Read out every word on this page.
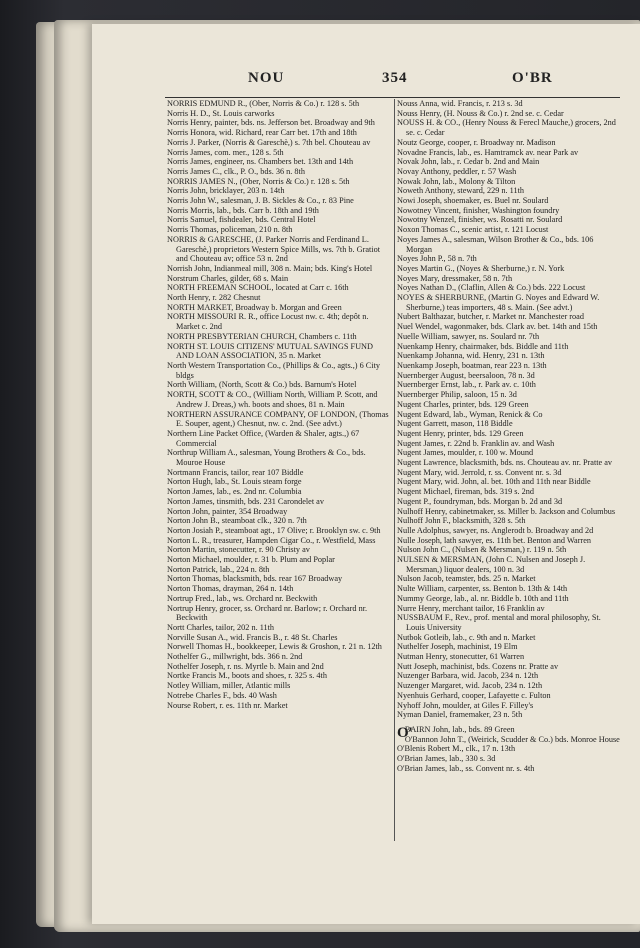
NOU	354	O'BR
NORRIS EDMUND R., (Ober, Norris & Co.) r. 128 s. 5th
Norris H. D., St. Louis carworks
Norris Henry, painter, bds. ns. Jefferson bet. Broadway and 9th
Norris Honora, wid. Richard, rear Carr bet. 17th and 18th
Norris J. Parker, (Norris & Gareschè,) s. 7th bel. Chouteau av
Norris James, com. mer., 128 s. 5th
Norris James, engineer, ns. Chambers bet. 13th and 14th
Norris James C., clk., P. O., bds. 36 n. 8th
NORRIS JAMES N., (Ober, Norris & Co.) r. 128 s. 5th
Norris John, bricklayer, 203 n. 14th
Norris John W., salesman, J. B. Sickles & Co., r. 83 Pine
Norris Morris, lab., bds. Carr b. 18th and 19th
Norris Samuel, fishdealer, bds. Central Hotel
Norris Thomas, policeman, 210 n. 8th
NORRIS & GARESCHE, (J. Parker Norris and Ferdinand L. Gareschè,) proprietors Western Spice Mills, ws. 7th b. Gratiot and Chouteau av; office 53 n. 2nd
Norrish John, Indianmeal mill, 308 n. Main; bds. King's Hotel
Norstrum Charles, gilder, 68 s. Main
NORTH FREEMAN SCHOOL, located at Carr c. 16th
North Henry, r. 282 Chesnut
NORTH MARKET, Broadway b. Morgan and Green
NORTH MISSOURI R. R., office Locust nw. c. 4th; depôt n. Market c. 2nd
NORTH PRESBYTERIAN CHURCH, Chambers c. 11th
NORTH ST. LOUIS CITIZENS' MUTUAL SAVINGS FUND AND LOAN ASSOCIATION, 35 n. Market
North Western Transportation Co., (Phillips & Co., agts.,) 6 City bldgs
North William, (North, Scott & Co.) bds. Barnum's Hotel
NORTH, SCOTT & CO., (William North, William P. Scott, and Andrew J. Dreas,) wh. boots and shoes, 81 n. Main
NORTHERN ASSURANCE COMPANY, OF LONDON, (Thomas E. Souper, agent,) Chesnut, nw. c. 2nd. (See advt.)
Northern Line Packet Office, (Warden & Shaler, agts.,) 67 Commercial
Northrup William A., salesman, Young Brothers & Co., bds. Mouroe House
Nortmann Francis, tailor, rear 107 Biddle
Norton Hugh, lab., St. Louis steam forge
Norton James, lab., es. 2nd nr. Columbia
Norton James, tinsmith, bds. 231 Carondelet av
Norton John, painter, 354 Broadway
Norton John B., steamboat clk., 320 n. 7th
Norton Josiah P., steamboat agt., 17 Olive; r. Brooklyn sw. c. 9th
Norton L. R., treasurer, Hampden Cigar Co., r. Westfield, Mass
Norton Martin, stonecutter, r. 90 Christy av
Norton Michael, moulder, r. 31 b. Plum and Poplar
Norton Patrick, lab., 224 n. 8th
Norton Thomas, blacksmith, bds. rear 167 Broadway
Norton Thomas, drayman, 264 n. 14th
Nortrup Fred., lab., ws. Orchard nr. Beckwith
Nortrup Henry, grocer, ss. Orchard nr. Barlow; r. Orchard nr. Beckwith
Nortt Charles, tailor, 202 n. 11th
Norville Susan A., wid. Francis B., r. 48 St. Charles
Norwell Thomas H., bookkeeper, Lewis & Groshon, r. 21 n. 12th
Nothelfer G., millwright, bds. 366 n. 2nd
Nothelfer Joseph, r. ns. Myrtle b. Main and 2nd
Nortke Francis M., boots and shoes, r. 325 s. 4th
Notley William, miller, Atlantic mills
Notrebe Charles F., bds. 40 Wash
Nourse Robert, r. es. 11th nr. Market
Nouss Anna, wid. Francis, r. 213 s. 3d
Nouss Henry, (H. Nouss & Co.) r. 2nd se. c. Cedar
NOUSS H. & CO., (Henry Nouss & Ferecl Mauche,) grocers, 2nd se. c. Cedar
Noutz George, cooper, r. Broadway nr. Madison
Novadne Francis, lab., es. Hamtramck av. near Park av
Novak John, lab., r. Cedar b. 2nd and Main
Novay Anthony, peddler, r. 57 Wash
Nowak John, lab., Molony & Tilton
Noweth Anthony, steward, 229 n. 11th
Nowi Joseph, shoemaker, es. Buel nr. Soulard
Nowotney Vincent, finisher, Washington foundry
Nowotny Wenzel, finisher, ws. Rosatti nr. Soulard
Noxon Thomas C., scenic artist, r. 121 Locust
Noyes James A., salesman, Wilson Brother & Co., bds. 106 Morgan
Noyes John P., 58 n. 7th
Noyes Martin G., (Noyes & Sherburne,) r. N. York
Noyes Mary, dressmaker, 58 n. 7th
Noyes Nathan D., (Claflin, Allen & Co.) bds. 222 Locust
NOYES & SHERBURNE, (Martin G. Noyes and Edward W. Sherburne,) teas importers, 48 s. Main. (See advt.)
Nubert Balthazar, butcher, r. Market nr. Manchester road
Nuel Wendel, wagonmaker, bds. Clark av. bet. 14th and 15th
Nuelle William, sawyer, ns. Soulard nr. 7th
Nuenkamp Henry, chairmaker, bds. Biddle and 11th
Nuenkamp Johanna, wid. Henry, 231 n. 13th
Nuenkamp Joseph, boatman, rear 223 n. 13th
Nuernberger August, beersaloon, 78 n. 3d
Nuernberger Ernst, lab., r. Park av. c. 10th
Nuernberger Philip, saloon, 15 n. 3d
Nugent Charles, printer, bds. 129 Green
Nugent Edward, lab., Wyman, Renick & Co
Nugent Garrett, mason, 118 Biddle
Nugent Henry, printer, bds. 129 Green
Nugent James, r. 22nd b. Franklin av. and Wash
Nugent James, moulder, r. 100 w. Mound
Nugent Lawrence, blacksmith, bds. ns. Chouteau av. nr. Pratte av
Nugent Mary, wid. Jerrold, r. ss. Convent nr. s. 3d
Nugent Mary, wid. John, al. bet. 10th and 11th near Biddle
Nugent Michael, fireman, bds. 319 s. 2nd
Nugent P., foundryman, bds. Morgan b. 2d and 3d
Nulhoff Henry, cabinetmaker, ss. Miller b. Jackson and Columbus
Nulhoff John F., blacksmith, 328 s. 5th
Nulle Adolphus, sawyer, ns. Anglerodt b. Broadway and 2d
Nulle Joseph, lath sawyer, es. 11th bet. Benton and Warren
Nulson John C., (Nulsen & Mersman,) r. 119 n. 5th
NULSEN & MERSMAN, (John C. Nulsen and Joseph J. Mersman,) liquor dealers, 100 n. 3d
Nulson Jacob, teamster, bds. 25 n. Market
Nulte William, carpenter, ss. Benton b. 13th & 14th
Nummy George, lab., al. nr. Biddle b. 10th and 11th
Nurre Henry, merchant tailor, 16 Franklin av
NUSSBAUM F., Rev., prof. mental and moral philosophy, St. Louis University
Nutbok Gotleib, lab., c. 9th and n. Market
Nuthelfer Joseph, machinist, 19 Elm
Nutman Henry, stonecutter, 61 Warren
Nutt Joseph, machinist, bds. Cozens nr. Pratte av
Nuzenger Barbara, wid. Jacob, 234 n. 12th
Nuzenger Margaret, wid. Jacob, 234 n. 12th
Nyenhuis Gerhard, cooper, Lafayette c. Fulton
Nyhoff John, moulder, at Giles F. Filley's
Nyman Daniel, framemaker, 23 n. 5th
O'
BAIRN John, lab., bds. 89 Green
O'Bannon John T., (Weirick, Scudder & Co.) bds. Monroe House
O'Blenis Robert M., clk., 17 n. 13th
O'Brian James, lab., 330 s. 3d
O'Brian James, lab., ss. Convent nr. s. 4th
